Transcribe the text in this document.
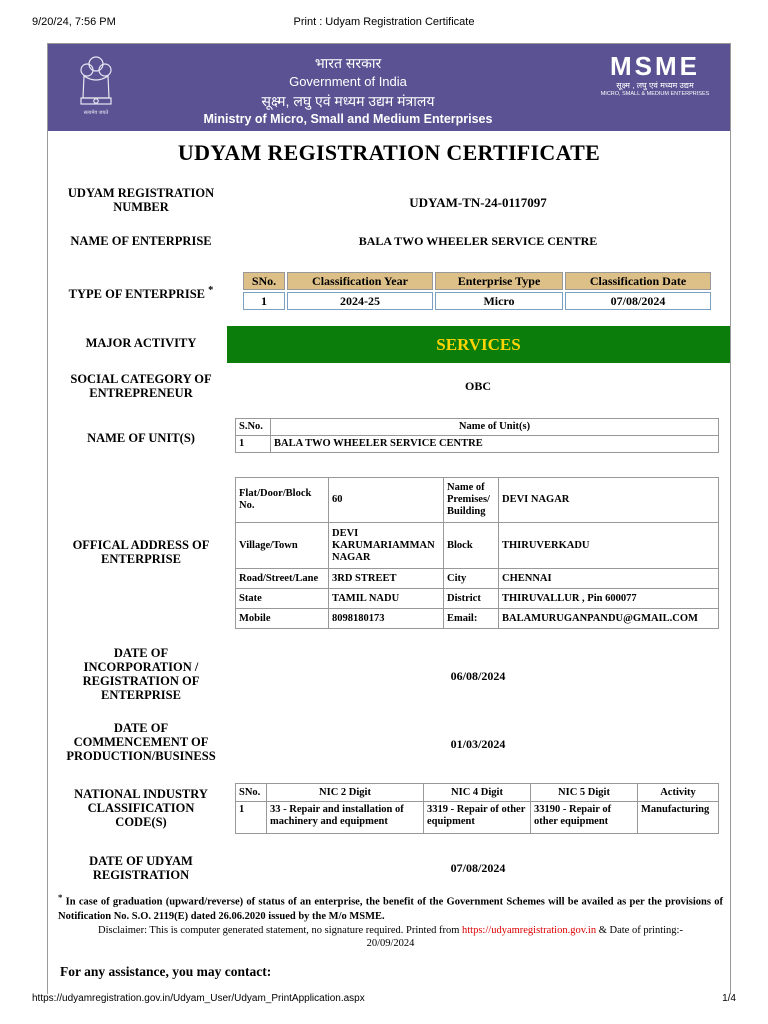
9/20/24, 7:56 PM	Print : Udyam Registration Certificate
सत्यमेव जयते
भारत सरकार
Government of India
सूक्ष्म, लघु एवं मध्यम उद्यम मंत्रालय
Ministry of Micro, Small and Medium Enterprises
MSME
सूक्ष्म , लघु एवं मध्यम उद्यम
MICRO, SMALL & MEDIUM ENTERPRISES
UDYAM REGISTRATION CERTIFICATE
UDYAM REGISTRATION
NUMBER	UDYAM-TN-24-0117097
NAME OF ENTERPRISE	BALA TWO WHEELER SERVICE CENTRE
TYPE OF ENTERPRISE *
SNo.	Classification Year	Enterprise Type	Classification Date
1	2024-25	Micro	07/08/2024
MAJOR ACTIVITY	SERVICES
SOCIAL CATEGORY OF
ENTREPRENEUR	OBC
NAME OF UNIT(S)
S.No.	Name of Unit(s)
1	BALA TWO WHEELER SERVICE CENTRE
OFFICAL ADDRESS OF
ENTERPRISE
Flat/Door/Block No.	60	Name of Premises/ Building	DEVI NAGAR
Village/Town	DEVI KARUMARIAMMAN NAGAR	Block	THIRUVERKADU
Road/Street/Lane	3RD STREET	City	CHENNAI
State	TAMIL NADU	District	THIRUVALLUR , Pin 600077
Mobile	8098180173	Email:	BALAMURUGANPANDU@GMAIL.COM
DATE OF
INCORPORATION /
REGISTRATION OF
ENTERPRISE
06/08/2024
DATE OF
COMMENCEMENT OF
PRODUCTION/BUSINESS
01/03/2024
NATIONAL INDUSTRY
CLASSIFICATION
CODE(S)
SNo.	NIC 2 Digit	NIC 4 Digit	NIC 5 Digit	Activity
1	33 - Repair and installation of machinery and equipment	3319 - Repair of other equipment	33190 - Repair of other equipment	Manufacturing
DATE OF UDYAM
REGISTRATION	07/08/2024
* In case of graduation (upward/reverse) of status of an enterprise, the benefit of the Government Schemes will be availed as per the provisions of Notification No. S.O. 2119(E) dated 26.06.2020 issued by the M/o MSME.
Disclaimer: This is computer generated statement, no signature required. Printed from https://udyamregistration.gov.in & Date of printing:-
20/09/2024
For any assistance, you may contact:
https://udyamregistration.gov.in/Udyam_User/Udyam_PrintApplication.aspx	1/4
